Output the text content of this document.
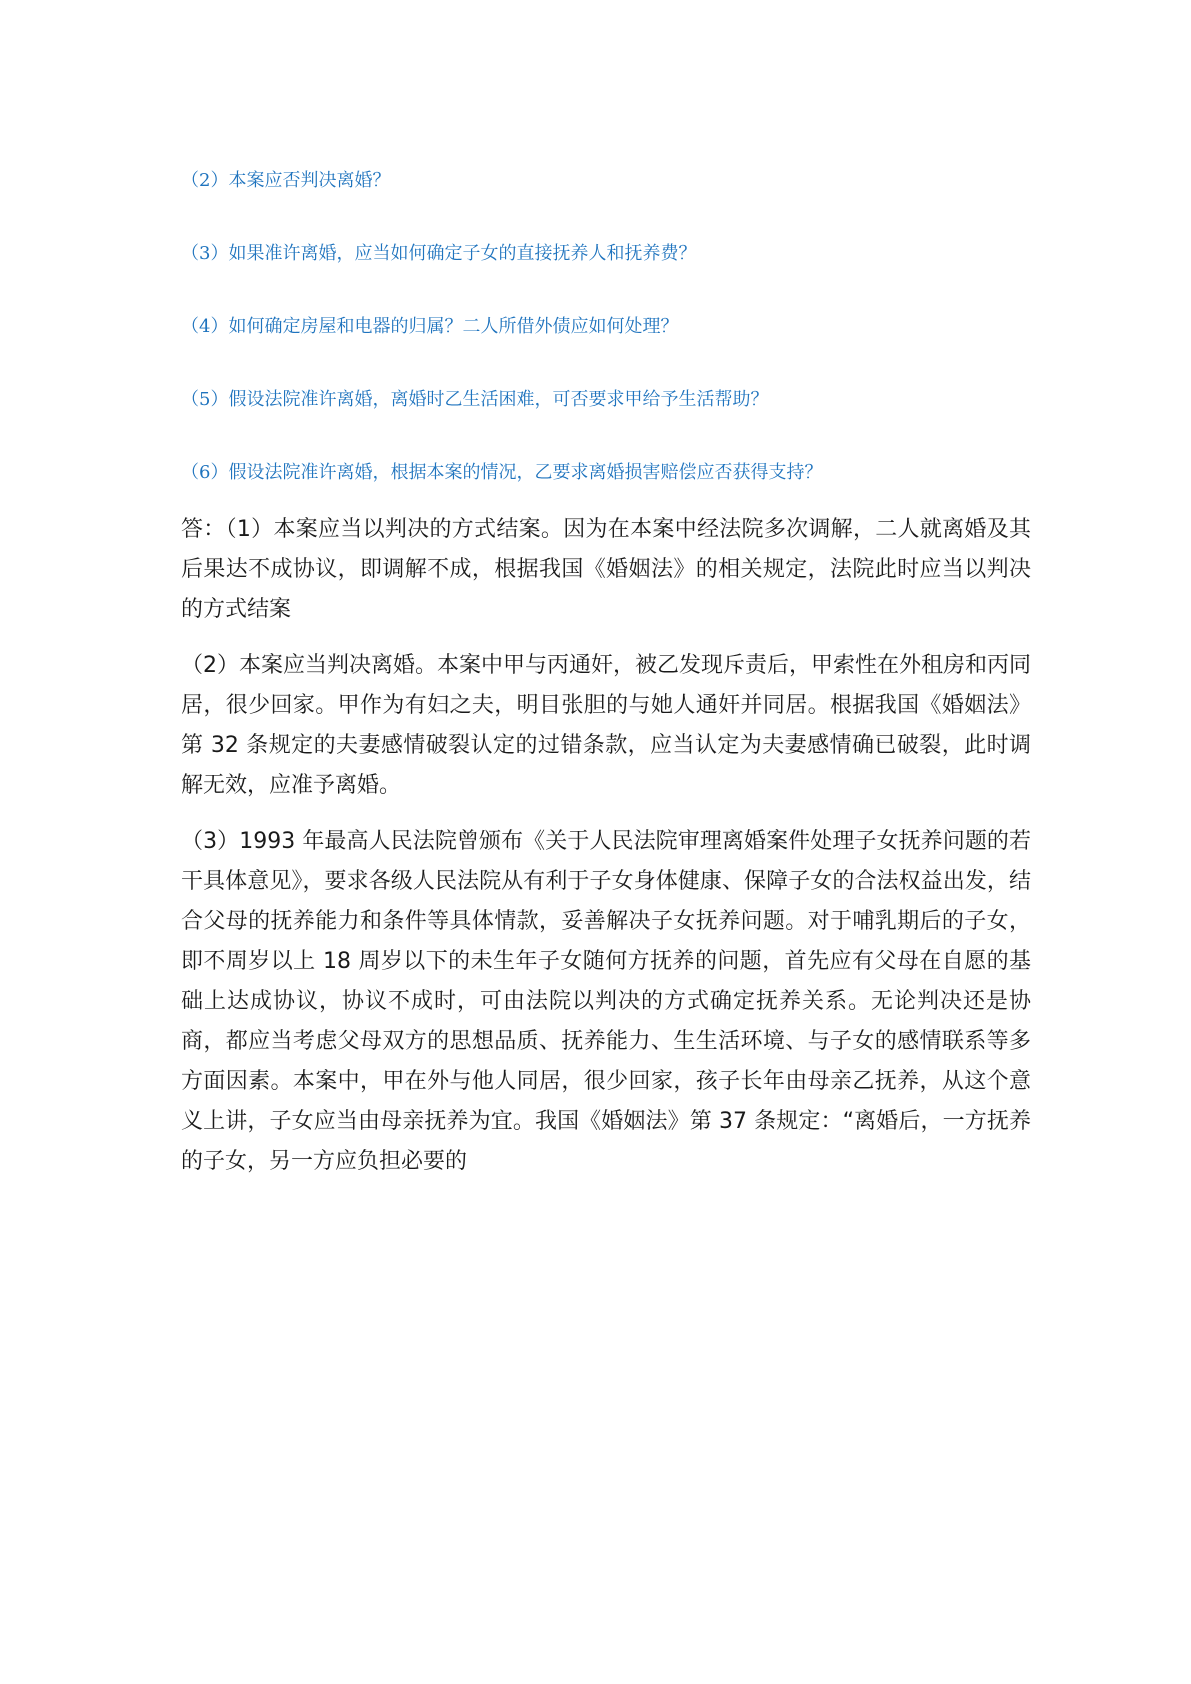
（2）本案应否判决离婚？

（3）如果准许离婚，应当如何确定子女的直接抚养人和抚养费？

（4）如何确定房屋和电器的归属？二人所借外债应如何处理？

（5）假设法院准许离婚，离婚时乙生活困难，可否要求甲给予生活帮助？

（6）假设法院准许离婚，根据本案的情况，乙要求离婚损害赔偿应否获得支持？

答：（1）本案应当以判决的方式结案。因为在本案中经法院多次调解，二人就离婚及其后果达不成协议，即调解不成，根据我国《婚姻法》的相关规定，法院此时应当以判决的方式结案

（2）本案应当判决离婚。本案中甲与丙通奸，被乙发现斥责后，甲索性在外租房和丙同居，很少回家。甲作为有妇之夫，明目张胆的与她人通奸并同居。根据我国《婚姻法》第 32 条规定的夫妻感情破裂认定的过错条款，应当认定为夫妻感情确已破裂，此时调解无效，应准予离婚。

（3）1993 年最高人民法院曾颁布《关于人民法院审理离婚案件处理子女抚养问题的若干具体意见》，要求各级人民法院从有利于子女身体健康、保障子女的合法权益出发，结合父母的抚养能力和条件等具体情款，妥善解决子女抚养问题。对于哺乳期后的子女，即不周岁以上 18 周岁以下的未生年子女随何方抚养的问题，首先应有父母在自愿的基础上达成协议，协议不成时，可由法院以判决的方式确定抚养关系。无论判决还是协商，都应当考虑父母双方的思想品质、抚养能力、生生活环境、与子女的感情联系等多方面因素。本案中，甲在外与他人同居，很少回家，孩子长年由母亲乙抚养，从这个意义上讲，子女应当由母亲抚养为宜。我国《婚姻法》第 37 条规定：“离婚后，一方抚养的子女，另一方应负担必要的
